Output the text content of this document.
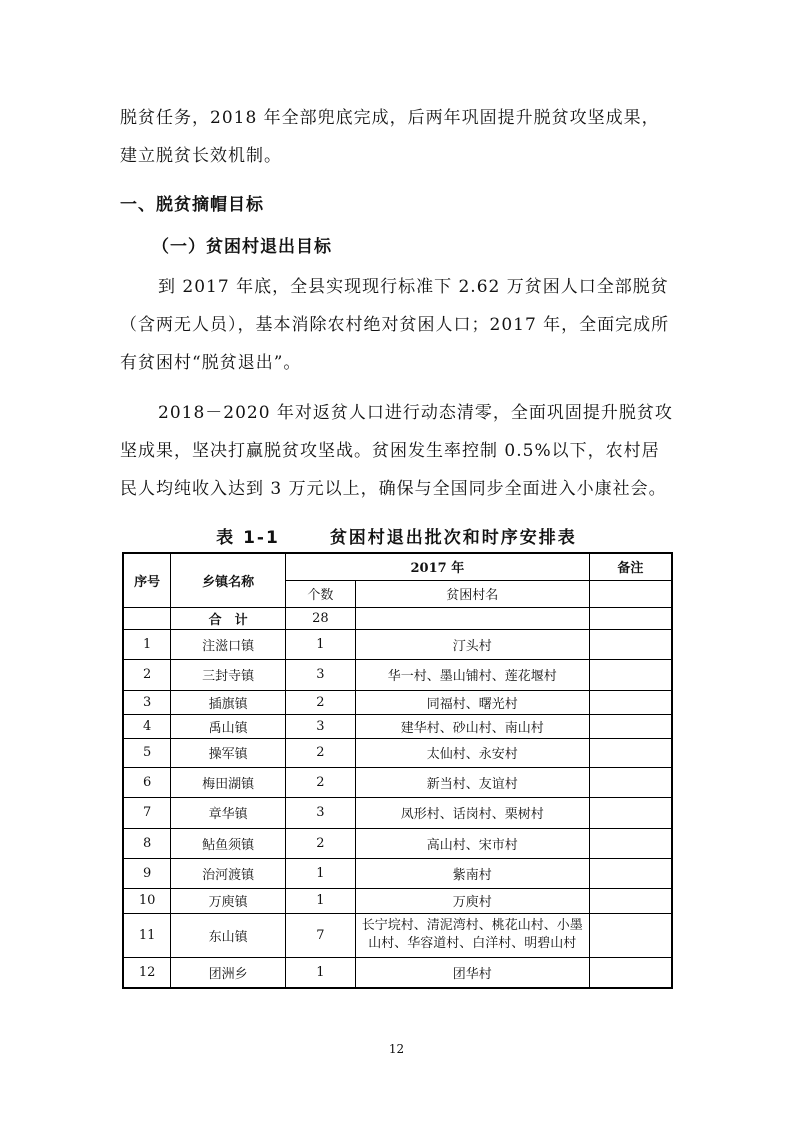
脱贫任务，2018 年全部兜底完成，后两年巩固提升脱贫攻坚成果，建立脱贫长效机制。

一、脱贫摘帽目标

（一）贫困村退出目标

到 2017 年底，全县实现现行标准下 2.62 万贫困人口全部脱贫（含两无人员），基本消除农村绝对贫困人口；2017 年，全面完成所有贫困村“脱贫退出”。

2018－2020 年对返贫人口进行动态清零，全面巩固提升脱贫攻坚成果，坚决打赢脱贫攻坚战。贫困发生率控制 0.5%以下，农村居民人均纯收入达到 3 万元以上，确保与全国同步全面进入小康社会。

表 1-1	贫困村退出批次和时序安排表

序号	乡镇名称	2017 年		备注
		个数	贫困村名	
	合　计	28		
1	注滋口镇	1	汀头村	
2	三封寺镇	3	华一村、墨山铺村、莲花堰村	
3	插旗镇	2	同福村、曙光村	
4	禹山镇	3	建华村、砂山村、南山村	
5	操军镇	2	太仙村、永安村	
6	梅田湖镇	2	新当村、友谊村	
7	章华镇	3	凤形村、话岗村、栗树村	
8	鲇鱼须镇	2	高山村、宋市村	
9	治河渡镇	1	紫南村	
10	万庾镇	1	万庾村	
11	东山镇	7	长宁垸村、清泥湾村、桃花山村、小墨山村、华容道村、白洋村、明碧山村	
12	团洲乡	1	团华村	
12
